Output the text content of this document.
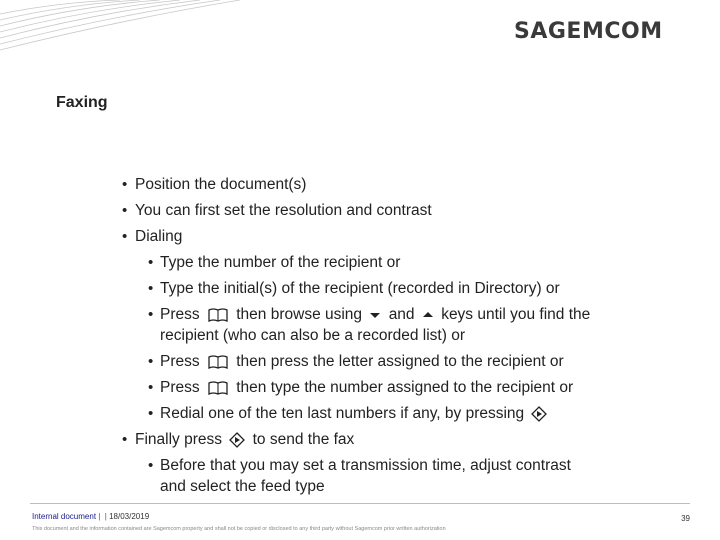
SAGEMCOM
Faxing
• Position the document(s)
• You can first set the resolution and contrast
• Dialing
• Type the number of the recipient or
• Type the initial(s) of the recipient (recorded in Directory) or
• Press then browse using and keys until you find the
recipient (who can also be a recorded list) or
• Press then press the letter assigned to the recipient or
• Press then type the number assigned to the recipient or
• Redial one of the ten last numbers if any, by pressing
• Finally press to send the fax
• Before that you may set a transmission time, adjust contrast
and select the feed type
Internal document |  | 18/03/2019
This document and the information contained are Sagemcom property and shall not be copied or disclosed to any third party without Sagemcom prior written authorization
39
